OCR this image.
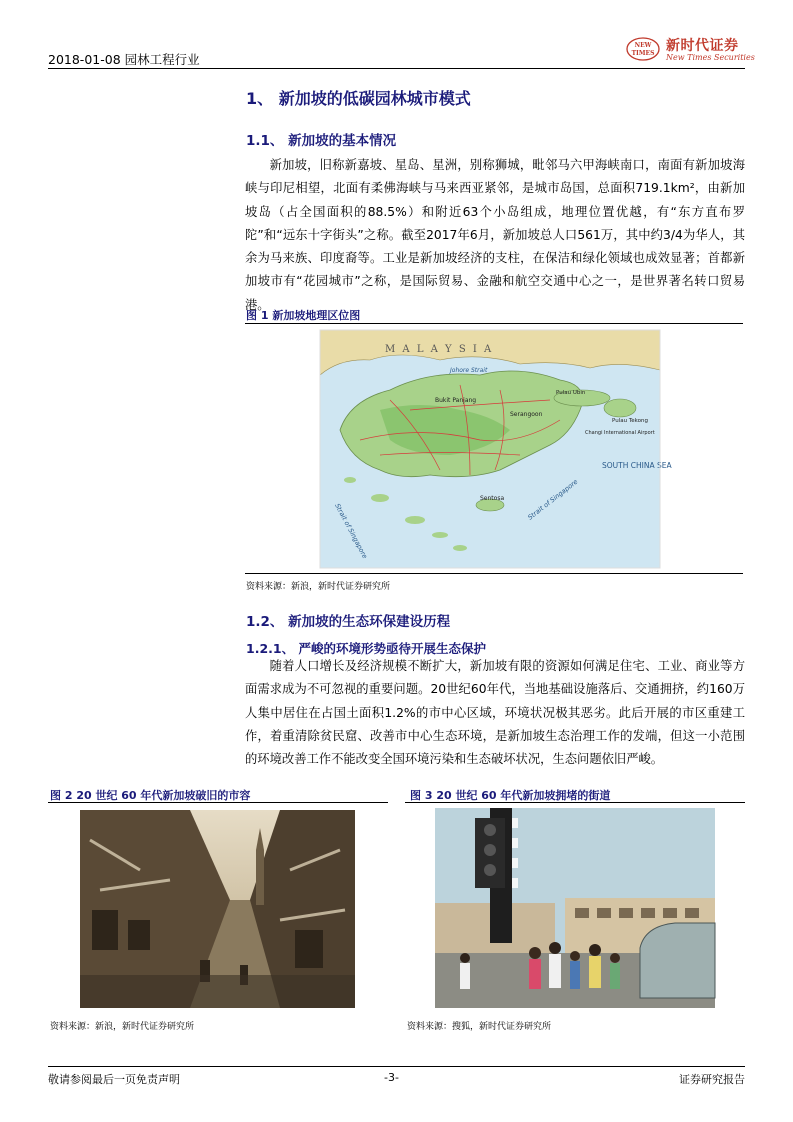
2018-01-08 园林工程行业
NEW
TIMES 新时代证券
New Times Securities
1、 新加坡的低碳园林城市模式
1.1、 新加坡的基本情况

新加坡，旧称新嘉坡、星岛、星洲，别称狮城，毗邻马六甲海峡南口，南面有新加坡海峡与印尼相望，北面有柔佛海峡与马来西亚紧邻，是城市岛国，总面积719.1km²，由新加坡岛（占全国面积的88.5%）和附近63个小岛组成，地理位置优越，有“东方直布罗陀”和“远东十字街头”之称。截至2017年6月，新加坡总人口561万，其中约3/4为华人，其余为马来族、印度裔等。工业是新加坡经济的支柱，在保洁和绿化领域也成效显著；首都新加坡市有“花园城市”之称，是国际贸易、金融和航空交通中心之一，是世界著名转口贸易港。

图 1 新加坡地理区位图
M A L A Y S I A
Johore Strait
SOUTH CHINA SEA
Strait of Singapore
Strait of Singapore
Pulau Ubin
Pulau Tekong
Changi International Airport
Sentosa
Bukit Panjang
Serangoon
资料来源：新浪，新时代证券研究所
1.2、 新加坡的生态环保建设历程
1.2.1、 严峻的环境形势亟待开展生态保护

随着人口增长及经济规模不断扩大，新加坡有限的资源如何满足住宅、工业、商业等方面需求成为不可忽视的重要问题。20世纪60年代，当地基础设施落后、交通拥挤，约160万人集中居住在占国土面积1.2%的市中心区域，环境状况极其恶劣。此后开展的市区重建工作，着重清除贫民窟、改善市中心生态环境，是新加坡生态治理工作的发端，但这一小范围的环境改善工作不能改变全国环境污染和生态破坏状况，生态问题依旧严峻。

图 2 20 世纪 60 年代新加坡破旧的市容
资料来源：新浪，新时代证券研究所
图 3 20 世纪 60 年代新加坡拥堵的街道
资料来源：搜狐，新时代证券研究所
敬请参阅最后一页免责声明	-3-	证券研究报告
